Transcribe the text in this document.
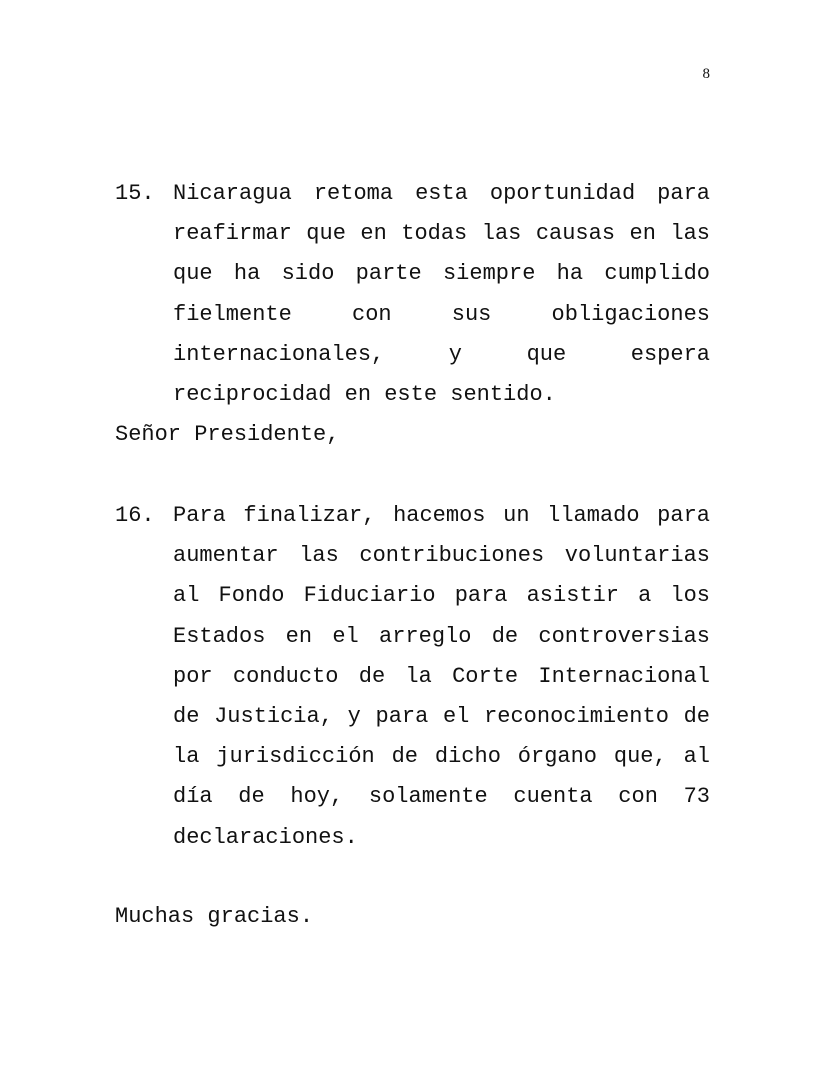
8
15. Nicaragua retoma esta oportunidad para reafirmar que en todas las causas en las que ha sido parte siempre ha cumplido fielmente con sus obligaciones internacionales, y que espera reciprocidad en este sentido.
Señor Presidente,
16. Para finalizar, hacemos un llamado para aumentar las contribuciones voluntarias al Fondo Fiduciario para asistir a los Estados en el arreglo de controversias por conducto de la Corte Internacional de Justicia, y para el reconocimiento de la jurisdicción de dicho órgano que, al día de hoy, solamente cuenta con 73 declaraciones.
Muchas gracias.
